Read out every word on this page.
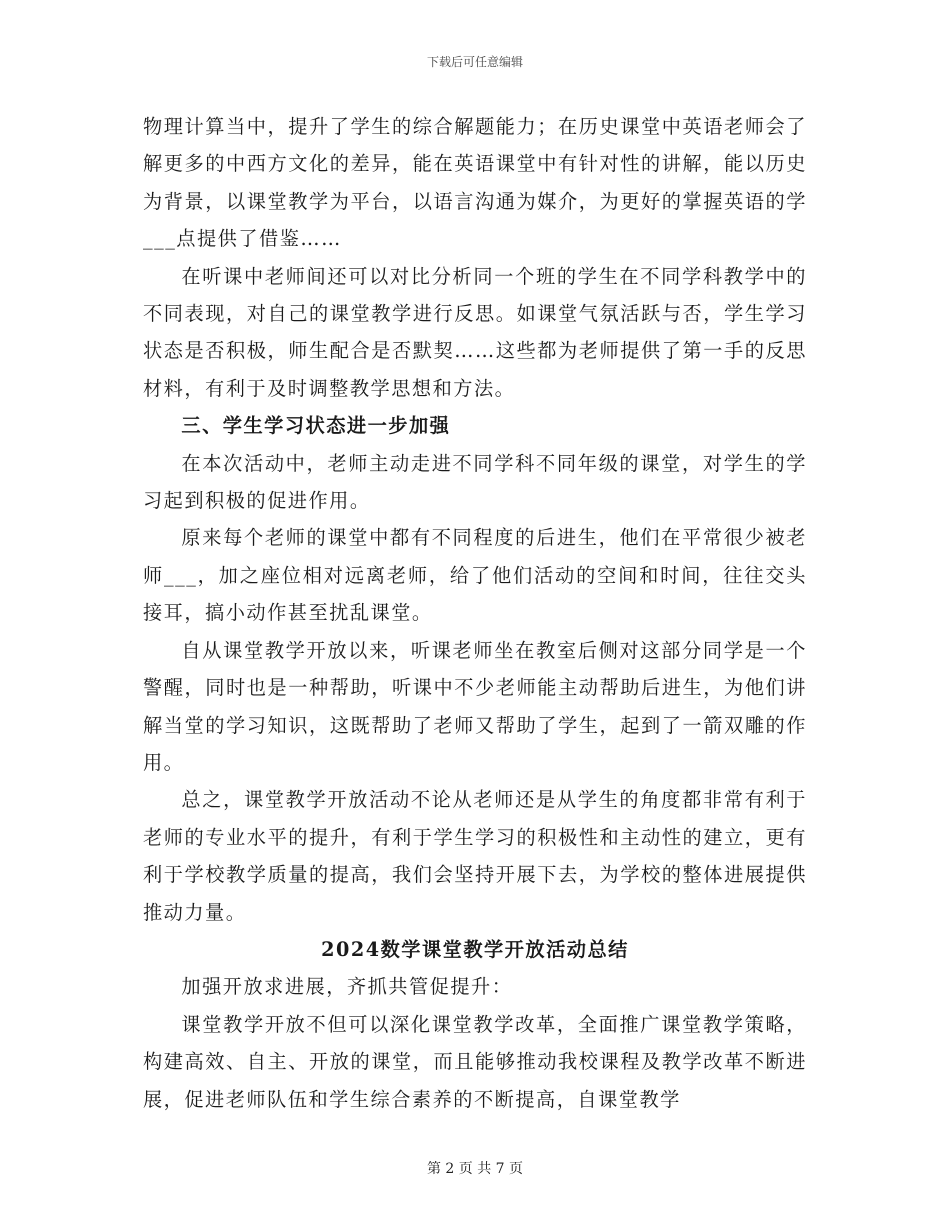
下载后可任意编辑

物理计算当中，提升了学生的综合解题能力；在历史课堂中英语老师会了解更多的中西方文化的差异，能在英语课堂中有针对性的讲解，能以历史为背景，以课堂教学为平台，以语言沟通为媒介，为更好的掌握英语的学___点提供了借鉴……

在听课中老师间还可以对比分析同一个班的学生在不同学科教学中的不同表现，对自己的课堂教学进行反思。如课堂气氛活跃与否，学生学习状态是否积极，师生配合是否默契……这些都为老师提供了第一手的反思材料，有利于及时调整教学思想和方法。

三、学生学习状态进一步加强

在本次活动中，老师主动走进不同学科不同年级的课堂，对学生的学习起到积极的促进作用。

原来每个老师的课堂中都有不同程度的后进生，他们在平常很少被老师___，加之座位相对远离老师，给了他们活动的空间和时间，往往交头接耳，搞小动作甚至扰乱课堂。

自从课堂教学开放以来，听课老师坐在教室后侧对这部分同学是一个警醒，同时也是一种帮助，听课中不少老师能主动帮助后进生，为他们讲解当堂的学习知识，这既帮助了老师又帮助了学生，起到了一箭双雕的作用。

总之，课堂教学开放活动不论从老师还是从学生的角度都非常有利于老师的专业水平的提升，有利于学生学习的积极性和主动性的建立，更有利于学校教学质量的提高，我们会坚持开展下去，为学校的整体进展提供推动力量。

2024数学课堂教学开放活动总结

加强开放求进展，齐抓共管促提升：

课堂教学开放不但可以深化课堂教学改革，全面推广课堂教学策略，构建高效、自主、开放的课堂，而且能够推动我校课程及教学改革不断进展，促进老师队伍和学生综合素养的不断提高，自课堂教学

第 2 页 共 7 页
